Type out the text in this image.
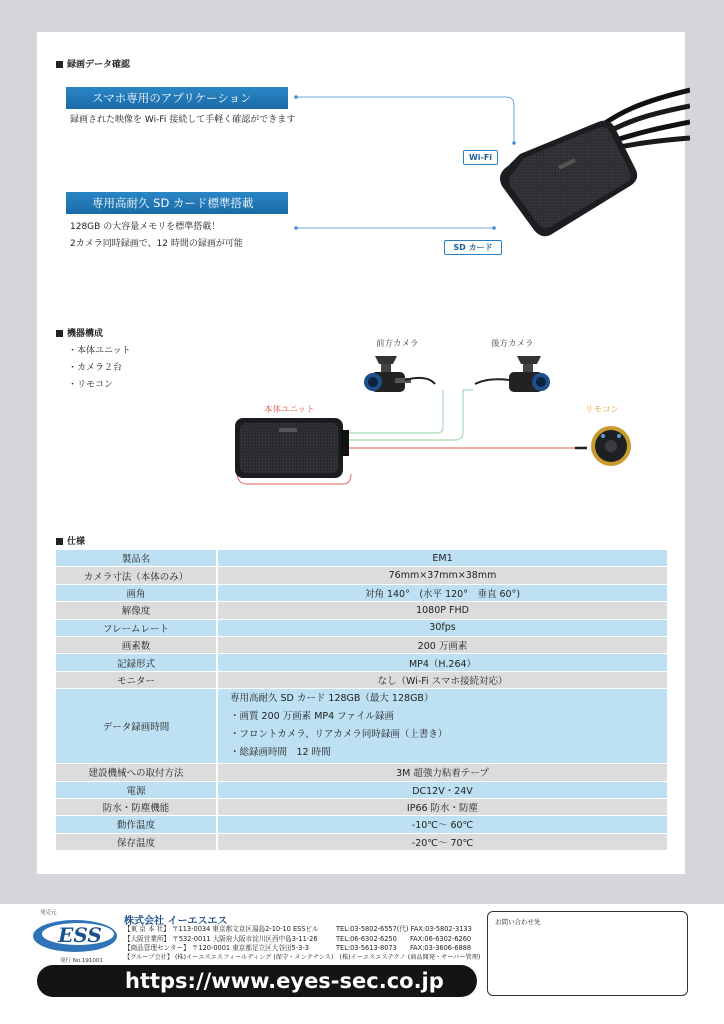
録画データ確認
スマホ専用のアプリケーション
録画された映像を Wi-Fi 接続して手軽く確認ができます
専用高耐久 SD カード標準搭載
128GB の大容量メモリを標準搭載！
2カメラ同時録画で、12 時間の録画が可能
Wi-Fi
SD カード
機器構成
・本体ユニット
・カメラ２台
・リモコン
前方カメラ	後方カメラ
本体ユニット	リモコン
仕様
製品名	EM1
カメラ寸法（本体のみ）	76mm×37mm×38mm
画角	対角 140°　(水平 120°　垂直 60°)
解像度	1080P FHD
フレームレート	30fps
画素数	200 万画素
記録形式	MP4（H.264）
モニター	なし（Wi-Fi スマホ接続対応）
データ録画時間	専用高耐久 SD カード 128GB（最大 128GB）
・画質 200 万画素 MP4 ファイル録画
・フロントカメラ、リアカメラ同時録画（上書き）
・総録画時間　12 時間

建設機械への取付方法	3M 超強力粘着テープ
電源	DC12V・24V
防水・防塵機能	IP66 防水・防塵
動作温度	-10℃～ 60℃
保存温度	-20℃～ 70℃
発売元
ESS
発行 No.191001
株式会社 イーエスエス
【東 京 本 社】 〒113-0034 東京都文京区湯島2-10-10 ESSビル
【大阪営業所】 〒532-0011 大阪府大阪市淀川区西中島3-11-26
【商品管理センター】 〒120-0001 東京都足立区大谷田5-3-3
【グループ会社】 (株)イーエスエスフィールディング (保守・メンテナンス)　(株)イーエスエステクノ (商品開発・サーバー管理)
TEL:03-5802-6557(代) FAX:03-5802-3133
TEL:06-6302-6250　　FAX:06-6302-6260
TEL:03-5613-8073　　FAX:03-3606-6888
https://www.eyes-sec.co.jp
お問い合わせ先
